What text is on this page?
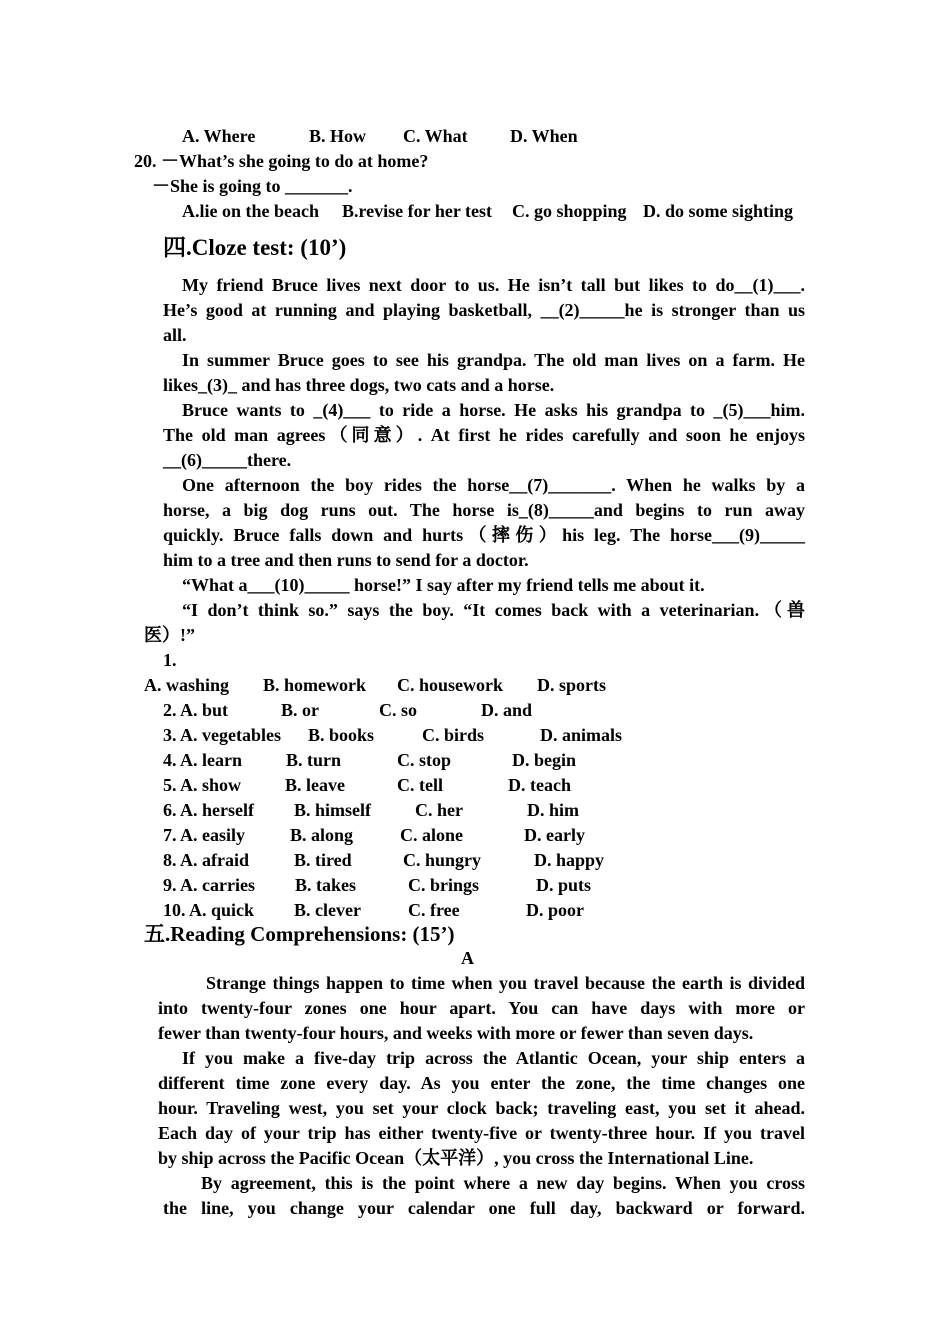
A. Where	B. How C. What D. When
20. －What’s she going to do at home?
－She is going to _______.
A.lie on the beach B.revise for her test C. go shopping D. do some sighting
四.Cloze test: (10’)
My friend Bruce lives next door to us. He isn’t tall but likes to do__(1)___.
He’s good at running and playing basketball, __(2)_____he is stronger than us
all.
In summer Bruce goes to see his grandpa. The old man lives on a farm. He
likes_(3)_ and has three dogs, two cats and a horse.
Bruce wants to _(4)___ to ride a horse. He asks his grandpa to _(5)___him.
The old man agrees（同意）. At first he rides carefully and soon he enjoys
__(6)_____there.
One afternoon the boy rides the horse__(7)_______. When he walks by a
horse, a big dog runs out. The horse is_(8)_____and begins to run away
quickly. Bruce falls down and hurts（摔伤）his leg. The horse___(9)_____
him to a tree and then runs to send for a doctor.
“What a___(10)_____ horse!” I say after my friend tells me about it.
“I don’t think so.” says the boy. “It comes back with a veterinarian.（兽
医）!”
1.
A. washing B. homework C. housework D. sports
2. A. but	B. or	C. so	D. and
3. A. vegetables B. books	C. birds	D. animals
4. A. learn B. turn	C. stop	D. begin
5. A. show B. leave	C. tell	D. teach
6. A. herself B. himself C. her	D. him
7. A. easily B. along	C. alone	D. early
8. A. afraid B. tired	C. hungry	D. happy
9. A. carries B. takes	C. brings	D. puts
10. A. quick B. clever	C. free	D. poor
五.Reading Comprehensions: (15’)
A
Strange things happen to time when you travel because the earth is divided
into twenty-four zones one hour apart. You can have days with more or
fewer than twenty-four hours, and weeks with more or fewer than seven days.
If you make a five-day trip across the Atlantic Ocean, your ship enters a
different time zone every day. As you enter the zone, the time changes one
hour. Traveling west, you set your clock back; traveling east, you set it ahead.
Each day of your trip has either twenty-five or twenty-three hour. If you travel
by ship across the Pacific Ocean（太平洋）, you cross the International Line.
By agreement, this is the point where a new day begins. When you cross
the line, you change your calendar one full day, backward or forward.
